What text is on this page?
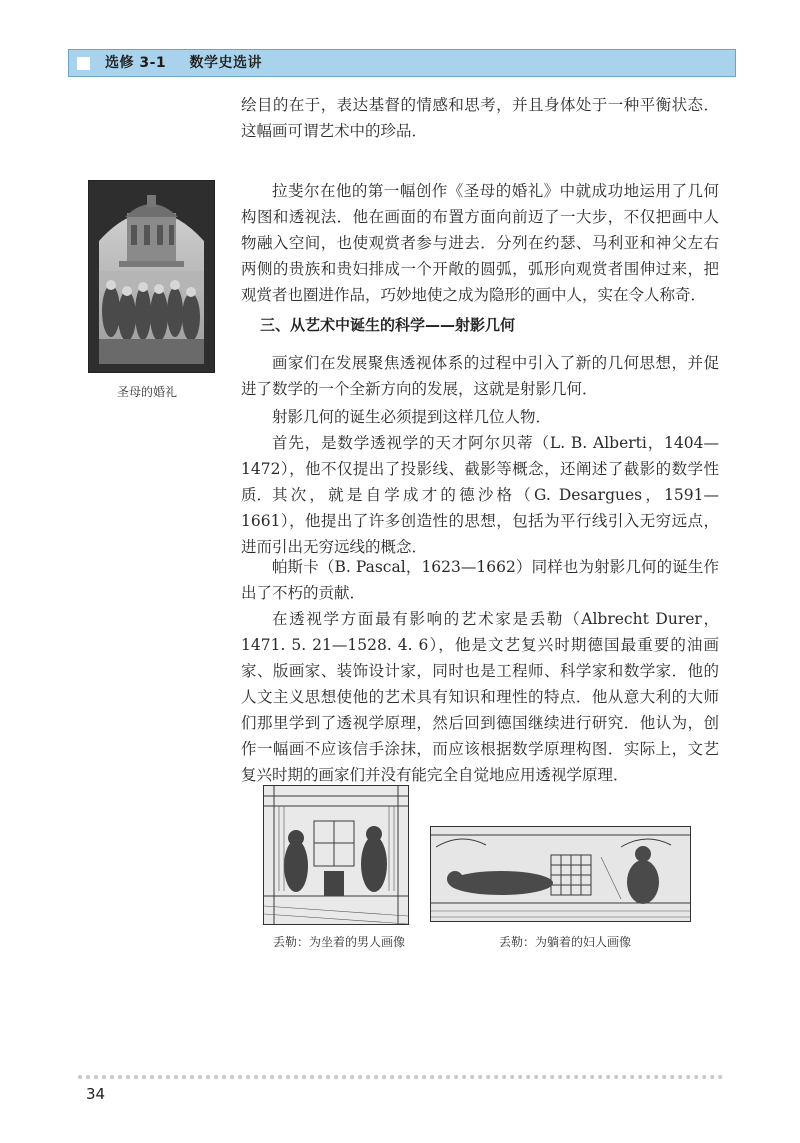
选修 3-1 数学史选讲

绘目的在于，表达基督的情感和思考，并且身体处于一种平衡状态．这幅画可谓艺术中的珍品．

圣母的婚礼

拉斐尔在他的第一幅创作《圣母的婚礼》中就成功地运用了几何构图和透视法．他在画面的布置方面向前迈了一大步，不仅把画中人物融入空间，也使观赏者参与进去．分列在约瑟、马利亚和神父左右两侧的贵族和贵妇排成一个开敞的圆弧，弧形向观赏者围伸过来，把观赏者也圈进作品，巧妙地使之成为隐形的画中人，实在令人称奇．

三、从艺术中诞生的科学——射影几何

画家们在发展聚焦透视体系的过程中引入了新的几何思想，并促进了数学的一个全新方向的发展，这就是射影几何．

射影几何的诞生必须提到这样几位人物．

首先，是数学透视学的天才阿尔贝蒂（L. B. Alberti，1404—1472），他不仅提出了投影线、截影等概念，还阐述了截影的数学性质． 其次，就是自学成才的德沙格（G. Desargues，1591—1661），他提出了许多创造性的思想，包括为平行线引入无穷远点，进而引出无穷远线的概念．

帕斯卡（B. Pascal，1623—1662）同样也为射影几何的诞生作出了不朽的贡献．

在透视学方面最有影响的艺术家是丢勒（Albrecht Durer，1471. 5. 21—1528. 4. 6），他是文艺复兴时期德国最重要的油画家、版画家、装饰设计家，同时也是工程师、科学家和数学家．他的人文主义思想使他的艺术具有知识和理性的特点．他从意大利的大师们那里学到了透视学原理，然后回到德国继续进行研究．他认为，创作一幅画不应该信手涂抹，而应该根据数学原理构图．实际上，文艺复兴时期的画家们并没有能完全自觉地应用透视学原理．

丢勒：为坐着的男人画像	丢勒：为躺着的妇人画像

34
